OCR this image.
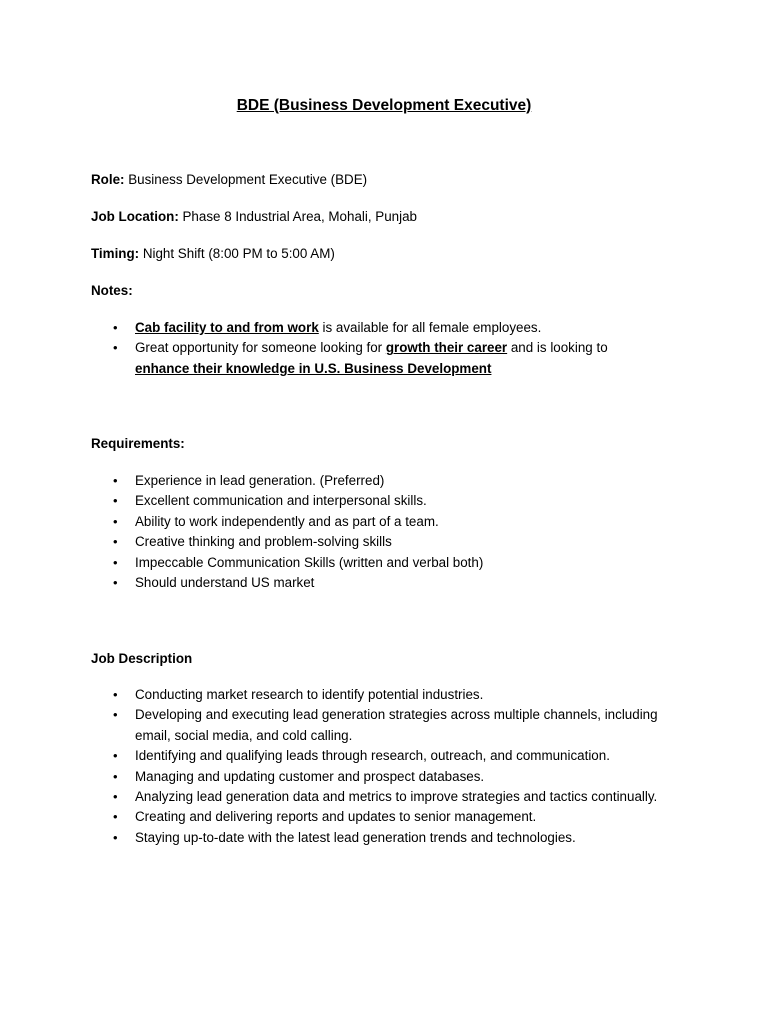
BDE (Business Development Executive)
Role: Business Development Executive (BDE)
Job Location: Phase 8 Industrial Area, Mohali, Punjab
Timing: Night Shift (8:00 PM to 5:00 AM)
Notes:
• Cab facility to and from work is available for all female employees.
• Great opportunity for someone looking for growth their career and is looking to
enhance their knowledge in U.S. Business Development
Requirements:
• Experience in lead generation. (Preferred)
• Excellent communication and interpersonal skills.
• Ability to work independently and as part of a team.
• Creative thinking and problem-solving skills
• Impeccable Communication Skills (written and verbal both)
• Should understand US market
Job Description
• Conducting market research to identify potential industries.
• Developing and executing lead generation strategies across multiple channels, including
email, social media, and cold calling.
• Identifying and qualifying leads through research, outreach, and communication.
• Managing and updating customer and prospect databases.
• Analyzing lead generation data and metrics to improve strategies and tactics continually.
• Creating and delivering reports and updates to senior management.
• Staying up-to-date with the latest lead generation trends and technologies.
